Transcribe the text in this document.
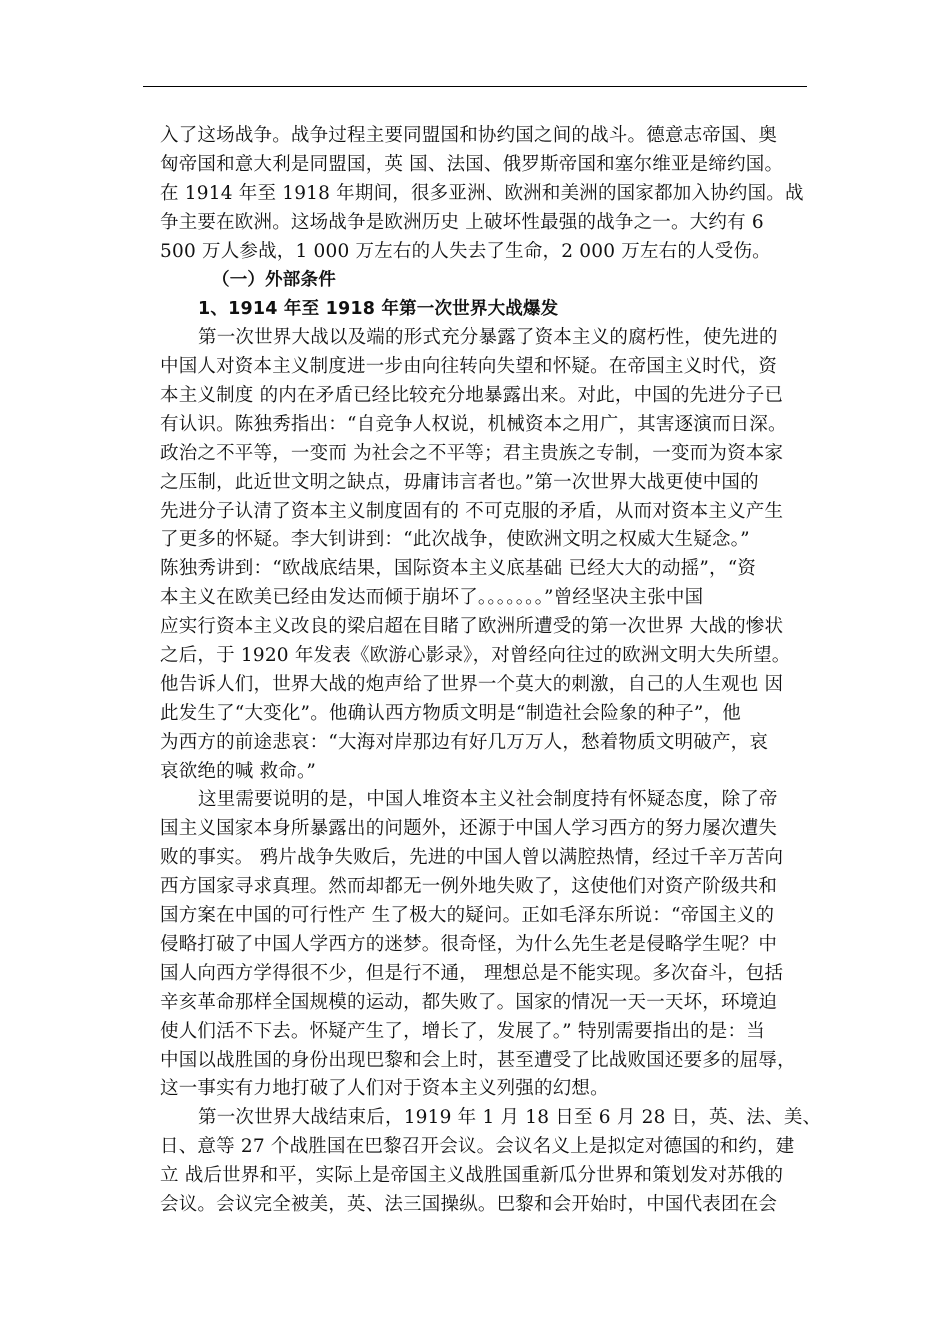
入了这场战争。战争过程主要同盟国和协约国之间的战斗。德意志帝国、奥
匈帝国和意大利是同盟国，英 国、法国、俄罗斯帝国和塞尔维亚是缔约国。
在 1914 年至 1918 年期间，很多亚洲、欧洲和美洲的国家都加入协约国。战
争主要在欧洲。这场战争是欧洲历史 上破坏性最强的战争之一。大约有 6
500 万人参战，1 000 万左右的人失去了生命，2 000 万左右的人受伤。
（一）外部条件
1、1914 年至 1918 年第一次世界大战爆发
第一次世界大战以及端的形式充分暴露了资本主义的腐朽性，使先进的
中国人对资本主义制度进一步由向往转向失望和怀疑。在帝国主义时代，资
本主义制度 的内在矛盾已经比较充分地暴露出来。对此，中国的先进分子已
有认识。陈独秀指出：“自竞争人权说，机械资本之用广，其害逐演而日深。
政治之不平等，一变而 为社会之不平等；君主贵族之专制，一变而为资本家
之压制，此近世文明之缺点，毋庸讳言者也。”第一次世界大战更使中国的
先进分子认清了资本主义制度固有的 不可克服的矛盾，从而对资本主义产生
了更多的怀疑。李大钊讲到：“此次战争，使欧洲文明之权威大生疑念。”
陈独秀讲到：“欧战底结果，国际资本主义底基础 已经大大的动摇”，“资
本主义在欧美已经由发达而倾于崩坏了。。。。。。。”曾经坚决主张中国
应实行资本主义改良的梁启超在目睹了欧洲所遭受的第一次世界 大战的惨状
之后，于 1920 年发表《欧游心影录》，对曾经向往过的欧洲文明大失所望。
他告诉人们，世界大战的炮声给了世界一个莫大的刺激，自己的人生观也 因
此发生了“大变化”。他确认西方物质文明是“制造社会险象的种子”，他
为西方的前途悲哀：“大海对岸那边有好几万万人，愁着物质文明破产，哀
哀欲绝的喊 救命。”
这里需要说明的是，中国人堆资本主义社会制度持有怀疑态度，除了帝
国主义国家本身所暴露出的问题外，还源于中国人学习西方的努力屡次遭失
败的事实。 鸦片战争失败后，先进的中国人曾以满腔热情，经过千辛万苦向
西方国家寻求真理。然而却都无一例外地失败了，这使他们对资产阶级共和
国方案在中国的可行性产 生了极大的疑问。正如毛泽东所说：“帝国主义的
侵略打破了中国人学西方的迷梦。很奇怪，为什么先生老是侵略学生呢？中
国人向西方学得很不少，但是行不通， 理想总是不能实现。多次奋斗，包括
辛亥革命那样全国规模的运动，都失败了。国家的情况一天一天坏，环境迫
使人们活不下去。怀疑产生了，增长了，发展了。” 特别需要指出的是：当
中国以战胜国的身份出现巴黎和会上时，甚至遭受了比战败国还要多的屈辱，
这一事实有力地打破了人们对于资本主义列强的幻想。
第一次世界大战结束后，1919 年 1 月 18 日至 6 月 28 日，英、法、美、
日、意等 27 个战胜国在巴黎召开会议。会议名义上是拟定对德国的和约，建
立 战后世界和平，实际上是帝国主义战胜国重新瓜分世界和策划发对苏俄的
会议。会议完全被美，英、法三国操纵。巴黎和会开始时，中国代表团在会
